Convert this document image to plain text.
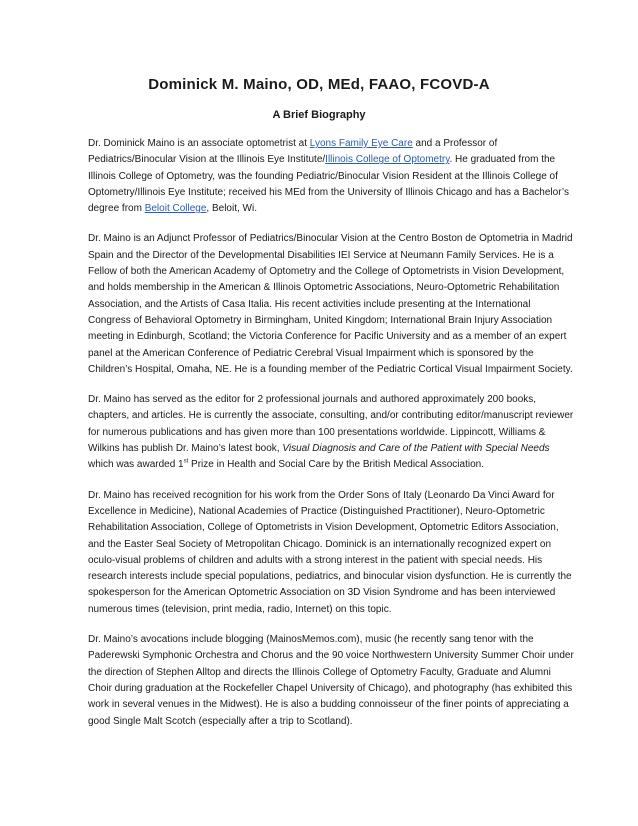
Dominick M. Maino, OD, MEd, FAAO, FCOVD-A
A Brief Biography

Dr. Dominick Maino is an associate optometrist at Lyons Family Eye Care and a Professor of Pediatrics/Binocular Vision at the Illinois Eye Institute/Illinois College of Optometry. He graduated from the Illinois College of Optometry, was the founding Pediatric/Binocular Vision Resident at the Illinois College of Optometry/Illinois Eye Institute; received his MEd from the University of Illinois Chicago and has a Bachelor’s degree from Beloit College, Beloit, Wi.

Dr. Maino is an Adjunct Professor of Pediatrics/Binocular Vision at the Centro Boston de Optometria in Madrid Spain and the Director of the Developmental Disabilities IEI Service at Neumann Family Services. He is a Fellow of both the American Academy of Optometry and the College of Optometrists in Vision Development, and holds membership in the American & Illinois Optometric Associations, Neuro-Optometric Rehabilitation Association, and the Artists of Casa Italia. His recent activities include presenting at the International Congress of Behavioral Optometry in Birmingham, United Kingdom; International Brain Injury Association meeting in Edinburgh, Scotland; the Victoria Conference for Pacific University and as a member of an expert panel at the American Conference of Pediatric Cerebral Visual Impairment which is sponsored by the Children’s Hospital, Omaha, NE. He is a founding member of the Pediatric Cortical Visual Impairment Society.

Dr. Maino has served as the editor for 2 professional journals and authored approximately 200 books, chapters, and articles. He is currently the associate, consulting, and/or contributing editor/manuscript reviewer for numerous publications and has given more than 100 presentations worldwide. Lippincott, Williams & Wilkins has publish Dr. Maino’s latest book, Visual Diagnosis and Care of the Patient with Special Needs which was awarded 1st Prize in Health and Social Care by the British Medical Association.

Dr. Maino has received recognition for his work from the Order Sons of Italy (Leonardo Da Vinci Award for Excellence in Medicine), National Academies of Practice (Distinguished Practitioner), Neuro-Optometric Rehabilitation Association, College of Optometrists in Vision Development, Optometric Editors Association, and the Easter Seal Society of Metropolitan Chicago. Dominick is an internationally recognized expert on oculo-visual problems of children and adults with a strong interest in the patient with special needs. His research interests include special populations, pediatrics, and binocular vision dysfunction. He is currently the spokesperson for the American Optometric Association on 3D Vision Syndrome and has been interviewed numerous times (television, print media, radio, Internet) on this topic.

Dr. Maino’s avocations include blogging (MainosMemos.com), music (he recently sang tenor with the Paderewski Symphonic Orchestra and Chorus and the 90 voice Northwestern University Summer Choir under the direction of Stephen Alltop and directs the Illinois College of Optometry Faculty, Graduate and Alumni Choir during graduation at the Rockefeller Chapel University of Chicago), and photography (has exhibited this work in several venues in the Midwest). He is also a budding connoisseur of the finer points of appreciating a good Single Malt Scotch (especially after a trip to Scotland).
